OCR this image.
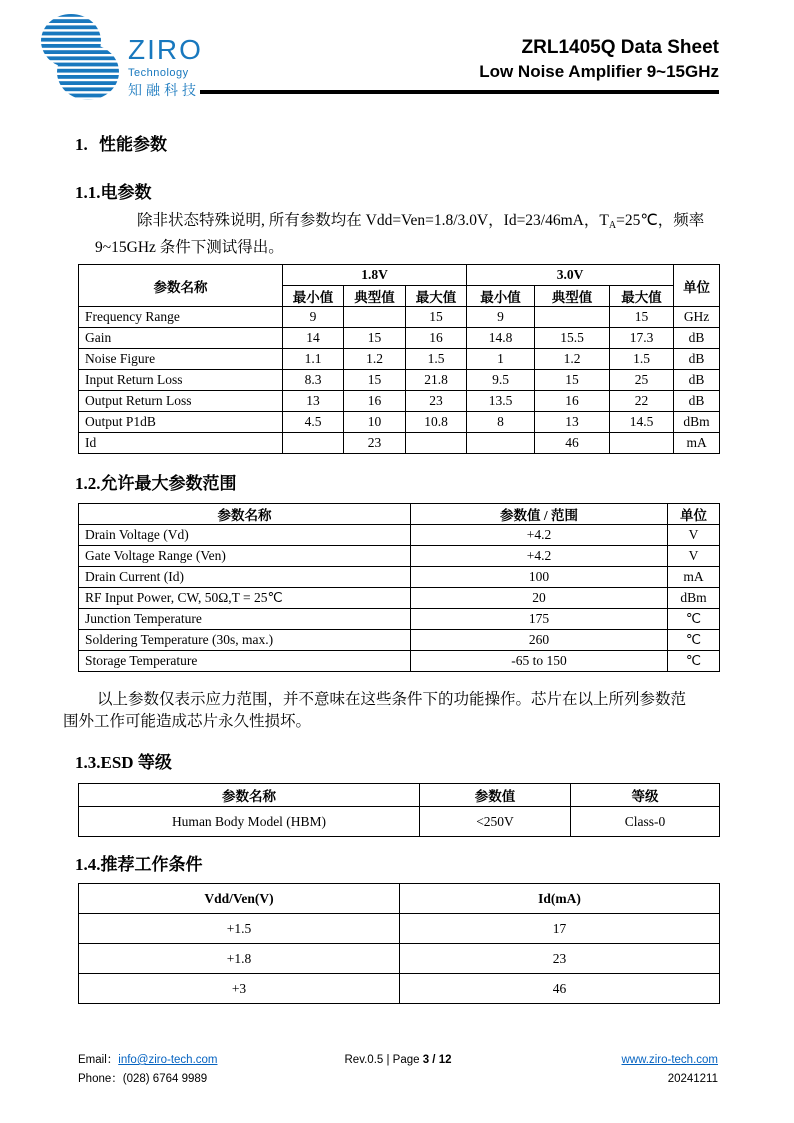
ZIRO
Technology
知融科技
ZRL1405Q Data Sheet
Low Noise Amplifier 9~15GHz
1. 性能参数
1.1.电参数
除非状态特殊说明, 所有参数均在 Vdd=Ven=1.8/3.0V，Id=23/46mA，$T_A=25℃$，频率
9~15GHz 条件下测试得出。
参数名称	1.8V			3.0V			单位
	最小值	典型值	最大值	最小值	典型值	最大值	
Frequency Range	9		15	9		15	GHz
Gain	14	15	16	14.8	15.5	17.3	dB
Noise Figure	1.1	1.2	1.5	1	1.2	1.5	dB
Input Return Loss	8.3	15	21.8	9.5	15	25	dB
Output Return Loss	13	16	23	13.5	16	22	dB
Output P1dB	4.5	10	10.8	8	13	14.5	dBm
Id		23			46		mA
1.2.允许最大参数范围
参数名称	参数值 / 范围	单位
Drain Voltage (Vd)	+4.2	V
Gate Voltage Range (Ven)	+4.2	V
Drain Current (Id)	100	mA
RF Input Power, CW, 50Ω,T = 25℃	20	dBm
Junction Temperature	175	℃
Soldering Temperature (30s, max.)	260	℃
Storage Temperature	-65 to 150	℃
以上参数仅表示应力范围，并不意味在这些条件下的功能操作。芯片在以上所列参数范
围外工作可能造成芯片永久性损坏。
1.3.ESD 等级
参数名称	参数值	等级
Human Body Model (HBM)	<250V	Class-0
1.4.推荐工作条件
Vdd/Ven(V)	Id(mA)
+1.5	17
+1.8	23
+3	46
Email：info@ziro-tech.com
Phone：(028) 6764 9989
Rev.0.5 | Page 3 / 12	www.ziro-tech.com
20241211
